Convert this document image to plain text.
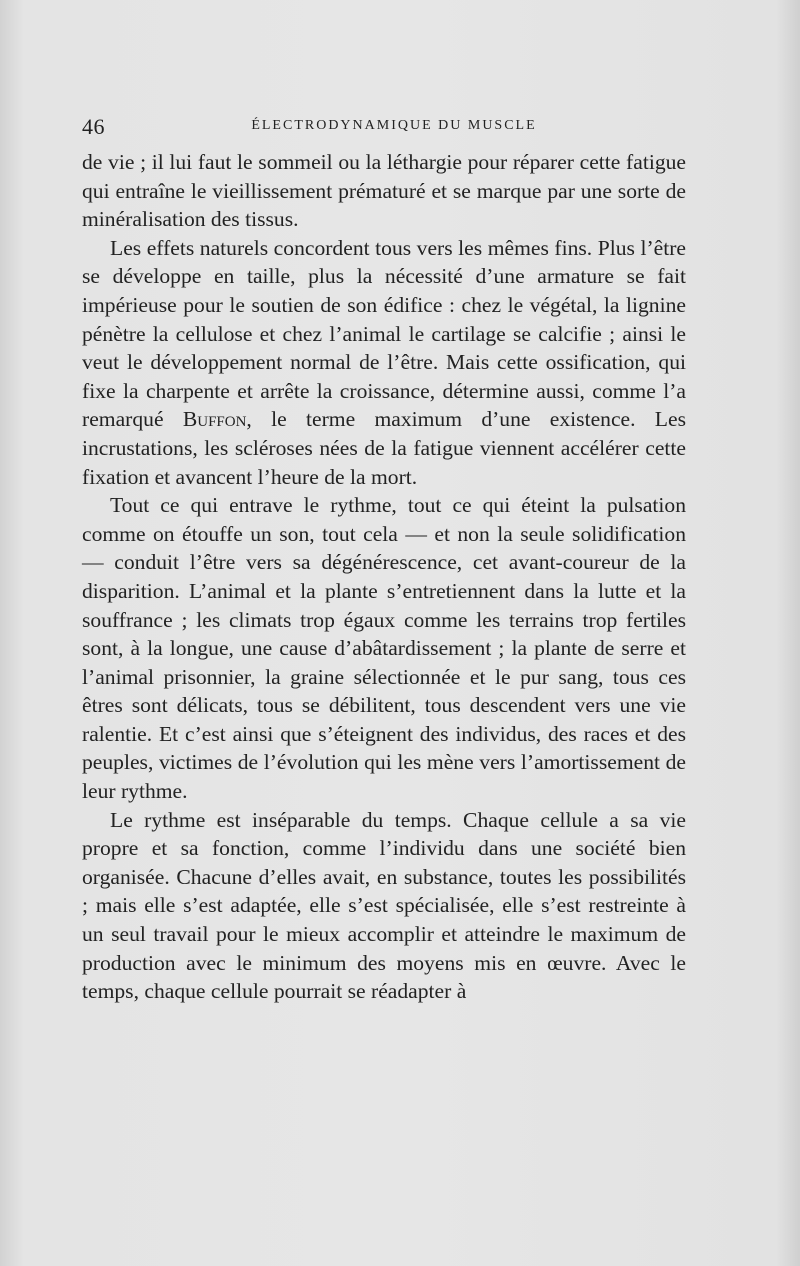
46	ÉLECTRODYNAMIQUE DU MUSCLE

de vie ; il lui faut le sommeil ou la léthargie pour réparer cette fatigue qui entraîne le vieillissement prématuré et se marque par une sorte de minéralisation des tissus.

Les effets naturels concordent tous vers les mêmes fins. Plus l’être se développe en taille, plus la nécessité d’une armature se fait impérieuse pour le soutien de son édifice : chez le végétal, la lignine pénètre la cellulose et chez l’animal le cartilage se calcifie ; ainsi le veut le développement normal de l’être. Mais cette ossification, qui fixe la charpente et arrête la croissance, détermine aussi, comme l’a remarqué Buffon, le terme maximum d’une existence. Les incrustations, les scléroses nées de la fatigue viennent accélérer cette fixation et avancent l’heure de la mort.

Tout ce qui entrave le rythme, tout ce qui éteint la pulsation comme on étouffe un son, tout cela — et non la seule solidification — conduit l’être vers sa dégénérescence, cet avant-coureur de la disparition. L’animal et la plante s’entretiennent dans la lutte et la souffrance ; les climats trop égaux comme les terrains trop fertiles sont, à la longue, une cause d’abâtardissement ; la plante de serre et l’animal prisonnier, la graine sélectionnée et le pur sang, tous ces êtres sont délicats, tous se débilitent, tous descendent vers une vie ralentie. Et c’est ainsi que s’éteignent des individus, des races et des peuples, victimes de l’évolution qui les mène vers l’amortissement de leur rythme.

Le rythme est inséparable du temps. Chaque cellule a sa vie propre et sa fonction, comme l’individu dans une société bien organisée. Chacune d’elles avait, en substance, toutes les possibilités ; mais elle s’est adaptée, elle s’est spécialisée, elle s’est restreinte à un seul travail pour le mieux accomplir et atteindre le maximum de production avec le minimum des moyens mis en œuvre. Avec le temps, chaque cellule pourrait se réadapter à
